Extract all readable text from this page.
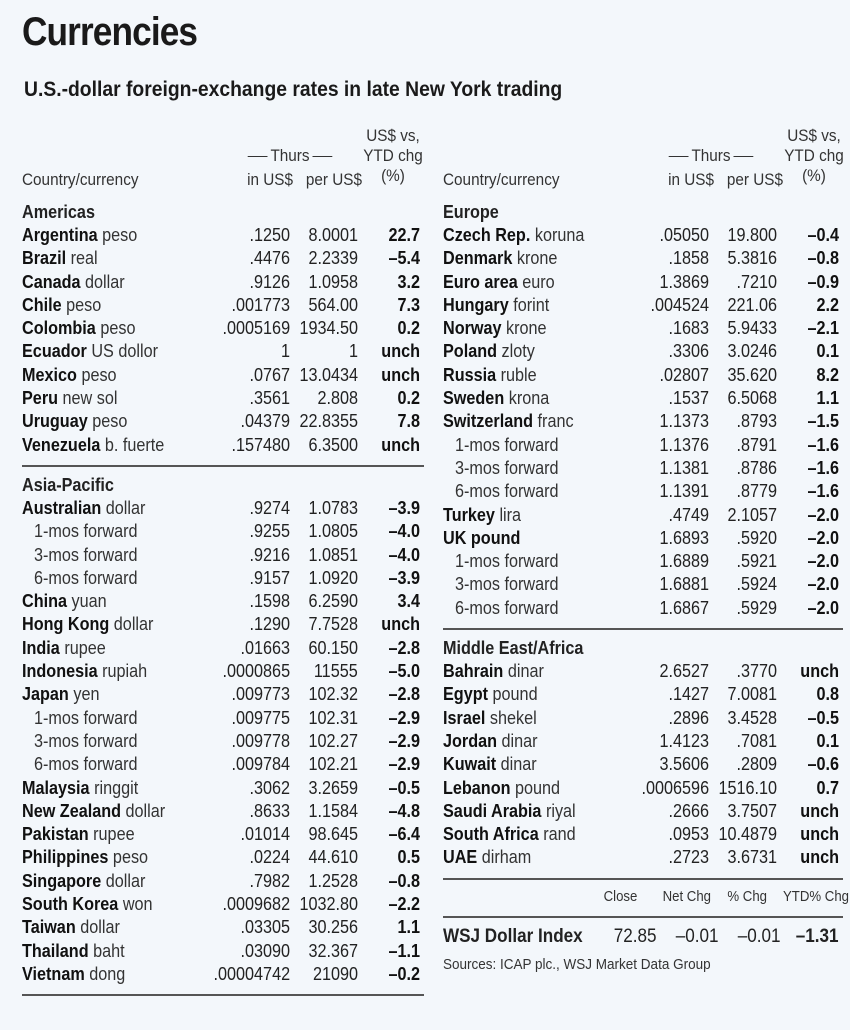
Currencies
U.S.-dollar foreign-exchange rates in late New York trading
Country/currency
Thurs
in US$ per US$
US$ vs,
YTD chg
(%)
Americas
Argentina peso	.1250 8.0001 22.7
Brazil real	.4476 2.2339 –5.4
Canada dollar	.9126 1.0958 3.2
Chile peso	.001773 564.00 7.3
Colombia peso	.0005169 1934.50 0.2
Ecuador US dollor	1	1 unch
Mexico peso	.0767 13.0434 unch
Peru new sol	.3561 2.808 0.2
Uruguay peso	.04379 22.8355 7.8
Venezuela b. fuerte	.157480 6.3500 unch
Asia-Pacific
Australian dollar	.9274 1.0783 –3.9
1-mos forward	.9255 1.0805 –4.0
3-mos forward	.9216 1.0851 –4.0
6-mos forward	.9157 1.0920 –3.9
China yuan	.1598 6.2590 3.4
Hong Kong dollar	.1290 7.7528 unch
India rupee	.01663 60.150 –2.8
Indonesia rupiah	.0000865 11555 –5.0
Japan yen	.009773 102.32 –2.8
1-mos forward	.009775 102.31 –2.9
3-mos forward	.009778 102.27 –2.9
6-mos forward	.009784 102.21 –2.9
Malaysia ringgit	.3062 3.2659 –0.5
New Zealand dollar	.8633 1.1584 –4.8
Pakistan rupee	.01014 98.645 –6.4
Philippines peso	.0224 44.610 0.5
Singapore dollar	.7982 1.2528 –0.8
South Korea won	.0009682 1032.80 –2.2
Taiwan dollar	.03305 30.256 1.1
Thailand baht	.03090 32.367 –1.1
Vietnam dong	.00004742 21090 –0.2
Country/currency
Thurs
in US$ per US$
US$ vs,
YTD chg
(%)
Europe
Czech Rep. koruna	.05050 19.800 –0.4
Denmark krone	.1858 5.3816 –0.8
Euro area euro	1.3869 .7210 –0.9
Hungary forint	.004524 221.06 2.2
Norway krone	.1683 5.9433 –2.1
Poland zloty	.3306 3.0246 0.1
Russia ruble	.02807 35.620 8.2
Sweden krona	.1537 6.5068 1.1
Switzerland franc	1.1373 .8793 –1.5
1-mos forward	1.1376 .8791 –1.6
3-mos forward	1.1381 .8786 –1.6
6-mos forward	1.1391 .8779 –1.6
Turkey lira	.4749 2.1057 –2.0
UK pound	1.6893 .5920 –2.0
1-mos forward	1.6889 .5921 –2.0
3-mos forward	1.6881 .5924 –2.0
6-mos forward	1.6867 .5929 –2.0
Middle East/Africa
Bahrain dinar	2.6527 .3770 unch
Egypt pound	.1427 7.0081 0.8
Israel shekel	.2896 3.4528 –0.5
Jordan dinar	1.4123 .7081 0.1
Kuwait dinar	3.5606 .2809 –0.6
Lebanon pound	.0006596 1516.10 0.7
Saudi Arabia riyal	.2666 3.7507 unch
South Africa rand	.0953 10.4879 unch
UAE dirham	.2723 3.6731 unch
Close Net Chg % Chg YTD% Chg
WSJ Dollar Index 72.85 –0.01 –0.01 –1.31
Sources: ICAP plc., WSJ Market Data Group
